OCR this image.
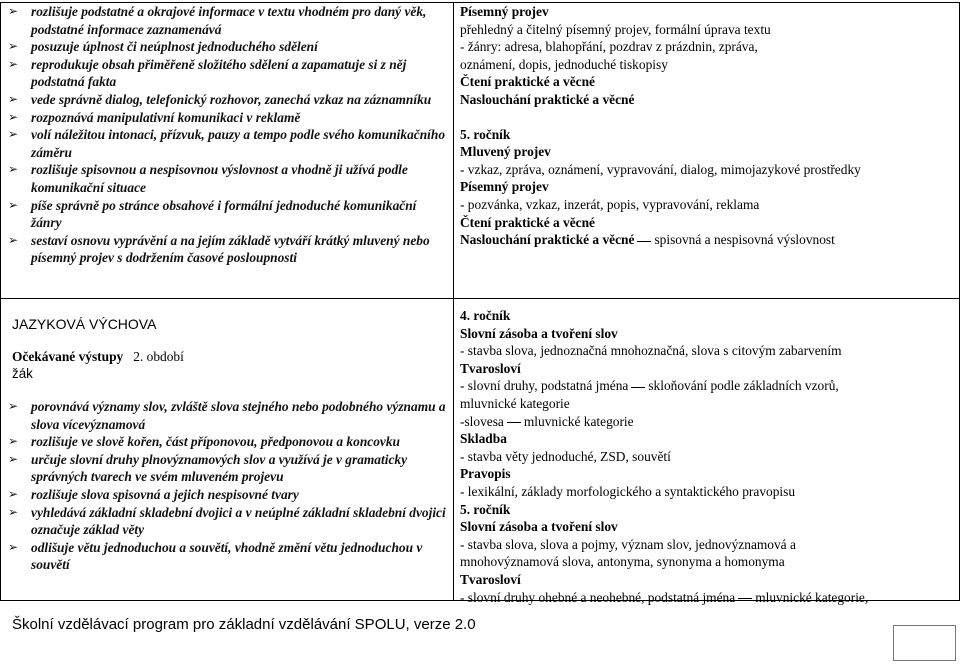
➢ rozlišuje podstatné a okrajové informace v textu vhodném pro daný věk, podstatné informace zaznamenává
➢ posuzuje úplnost či neúplnost jednoduchého sdělení
➢ reprodukuje obsah přiměřeně složitého sdělení a zapamatuje si z něj podstatná fakta
➢ vede správně dialog, telefonický rozhovor, zanechá vzkaz na záznamníku
➢ rozpoznává manipulativní komunikaci v reklamě
➢ volí náležitou intonaci, přízvuk, pauzy a tempo podle svého komunikačního záměru
➢ rozlišuje spisovnou a nespisovnou výslovnost a vhodně ji užívá podle komunikační situace
➢ píše správně po stránce obsahové i formální jednoduché komunikační žánry
➢ sestaví osnovu vyprávění a na jejím základě vytváří krátký mluvený nebo písemný projev s dodržením časové posloupnosti
Písemný projev
přehledný a čitelný písemný projev, formální úprava textu
- žánry: adresa, blahopřání, pozdrav z prázdnin, zpráva,
oznámení, dopis, jednoduché tiskopisy
Čtení praktické a věcné
Naslouchání praktické a věcné
5. ročník
Mluvený projev
- vzkaz, zpráva, oznámení, vypravování, dialog, mimojazykové prostředky
Písemný projev
- pozvánka, vzkaz, inzerát, popis, vypravování, reklama
Čtení praktické a věcné
Naslouchání praktické a věcné spisovná a nespisovná výslovnost
JAZYKOVÁ VÝCHOVA
Očekávané výstupy 2. období
žák
➢ porovnává významy slov, zvláště slova stejného nebo podobného významu a slova vícevýznamová
➢ rozlišuje ve slově kořen, část příponovou, předponovou a koncovku
➢ určuje slovní druhy plnovýznamových slov a využívá je v gramaticky správných tvarech ve svém mluveném projevu
➢ rozlišuje slova spisovná a jejich nespisovné tvary
➢ vyhledává základní skladební dvojici a v neúplné základní skladební dvojici označuje základ věty
➢ odlišuje větu jednoduchou a souvětí, vhodně změní větu jednoduchou v souvětí
4. ročník
Slovní zásoba a tvoření slov
- stavba slova, jednoznačná mnohoznačná, slova s citovým zabarvením
Tvarosloví
- slovní druhy, podstatná jména skloňování podle základních vzorů,
mluvnické kategorie
-slovesa mluvnické kategorie
Skladba
- stavba věty jednoduché, ZSD, souvětí
Pravopis
- lexikální, základy morfologického a syntaktického pravopisu
5. ročník
Slovní zásoba a tvoření slov
- stavba slova, slova a pojmy, význam slov, jednovýznamová a
mnohovýznamová slova, antonyma, synonyma a homonyma
Tvarosloví
- slovní druhy ohebné a neohebné, podstatná jména mluvnické kategorie,
Školní vzdělávací program pro základní vzdělávání SPOLU, verze 2.0
